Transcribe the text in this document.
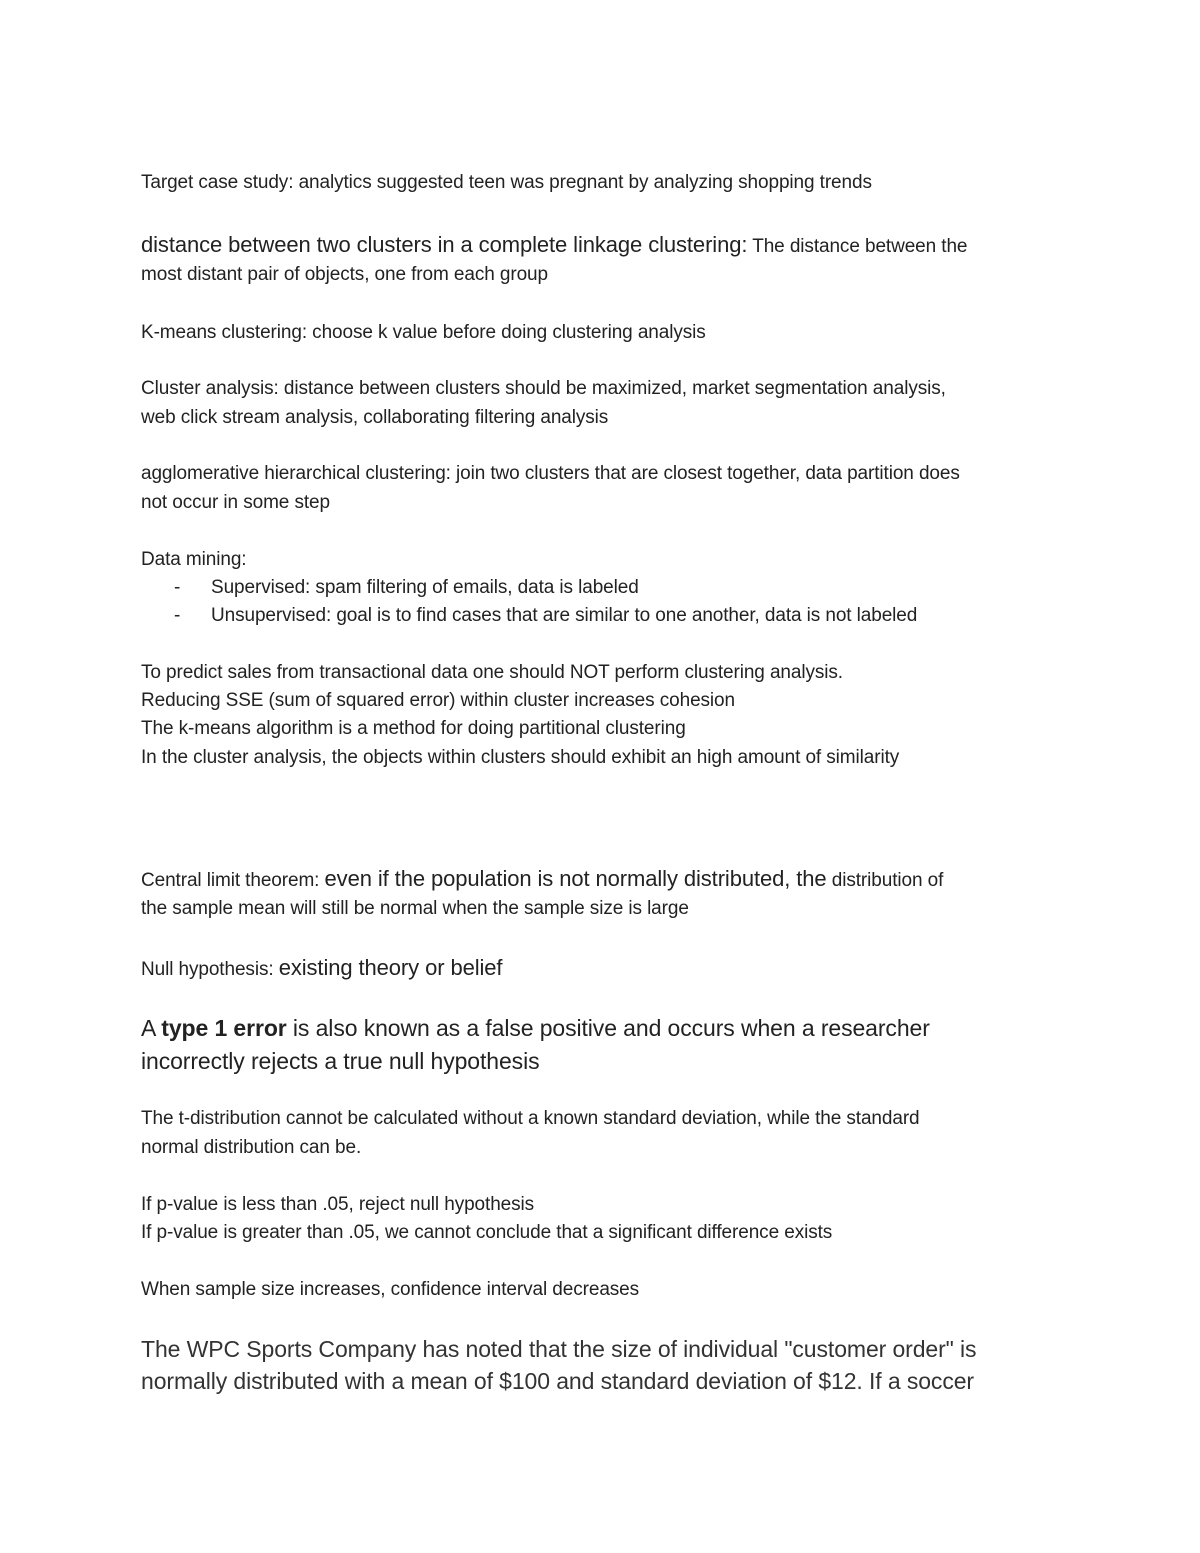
Target case study: analytics suggested teen was pregnant by analyzing shopping trends
distance between two clusters in a complete linkage clustering: The distance between the
most distant pair of objects, one from each group
K-means clustering: choose k value before doing clustering analysis
Cluster analysis: distance between clusters should be maximized, market segmentation analysis,
web click stream analysis, collaborating filtering analysis
agglomerative hierarchical clustering: join two clusters that are closest together, data partition does
not occur in some step
Data mining:
- Supervised: spam filtering of emails, data is labeled
- Unsupervised: goal is to find cases that are similar to one another, data is not labeled
To predict sales from transactional data one should NOT perform clustering analysis.
Reducing SSE (sum of squared error) within cluster increases cohesion
The k-means algorithm is a method for doing partitional clustering
In the cluster analysis, the objects within clusters should exhibit an high amount of similarity
Central limit theorem: even if the population is not normally distributed, the distribution of
the sample mean will still be normal when the sample size is large
Null hypothesis: existing theory or belief
A type 1 error is also known as a false positive and occurs when a researcher
incorrectly rejects a true null hypothesis
The t-distribution cannot be calculated without a known standard deviation, while the standard
normal distribution can be.
If p-value is less than .05, reject null hypothesis
If p-value is greater than .05, we cannot conclude that a significant difference exists
When sample size increases, confidence interval decreases
The WPC Sports Company has noted that the size of individual "customer order" is
normally distributed with a mean of $100 and standard deviation of $12. If a soccer
